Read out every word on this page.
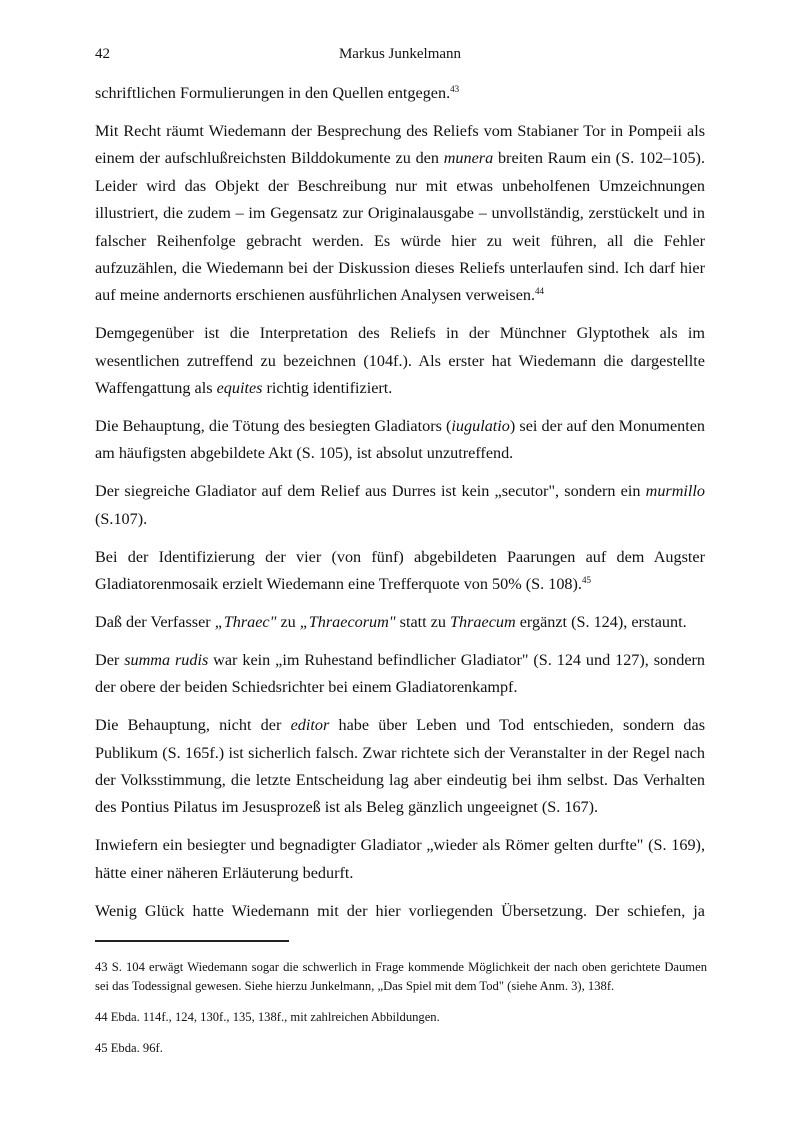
42	Markus Junkelmann

schriftlichen Formulierungen in den Quellen entgegen.$^{43}$

Mit Recht räumt Wiedemann der Besprechung des Reliefs vom Stabianer Tor in Pompeii als einem der aufschlußreichsten Bilddokumente zu den munera breiten Raum ein (S. 102–105). Leider wird das Objekt der Beschreibung nur mit etwas unbeholfenen Umzeichnungen illustriert, die zudem – im Gegensatz zur Originalausgabe – unvollständig, zerstückelt und in falscher Reihenfolge gebracht werden. Es würde hier zu weit führen, all die Fehler aufzuzählen, die Wiedemann bei der Diskussion dieses Reliefs unterlaufen sind. Ich darf hier auf meine andernorts erschienen ausführlichen Analysen verweisen.$^{44}$

Demgegenüber ist die Interpretation des Reliefs in der Münchner Glyptothek als im wesentlichen zutreffend zu bezeichnen (104f.). Als erster hat Wiedemann die dargestellte Waffengattung als equites richtig identifiziert.

Die Behauptung, die Tötung des besiegten Gladiators (iugulatio) sei der auf den Monumenten am häufigsten abgebildete Akt (S. 105), ist absolut unzutreffend.

Der siegreiche Gladiator auf dem Relief aus Durres ist kein „secutor", sondern ein murmillo (S.107).

Bei der Identifizierung der vier (von fünf) abgebildeten Paarungen auf dem Augster Gladiatorenmosaik erzielt Wiedemann eine Trefferquote von 50% (S. 108).$^{45}$

Daß der Verfasser „Thraec" zu „Thraecorum" statt zu Thraecum ergänzt (S. 124), erstaunt.

Der summa rudis war kein „im Ruhestand befindlicher Gladiator" (S. 124 und 127), sondern der obere der beiden Schiedsrichter bei einem Gladiatorenkampf.

Die Behauptung, nicht der editor habe über Leben und Tod entschieden, sondern das Publikum (S. 165f.) ist sicherlich falsch. Zwar richtete sich der Veranstalter in der Regel nach der Volksstimmung, die letzte Entscheidung lag aber eindeutig bei ihm selbst. Das Verhalten des Pontius Pilatus im Jesusprozeß ist als Beleg gänzlich ungeeignet (S. 167).

Inwiefern ein besiegter und begnadigter Gladiator „wieder als Römer gelten durfte" (S. 169), hätte einer näheren Erläuterung bedurft.

Wenig Glück hatte Wiedemann mit der hier vorliegenden Übersetzung. Der schiefen, ja

43 S. 104 erwägt Wiedemann sogar die schwerlich in Frage kommende Möglichkeit der nach oben gerichtete Daumen sei das Todessignal gewesen. Siehe hierzu Junkelmann, „Das Spiel mit dem Tod" (siehe Anm. 3), 138f.

44 Ebda. 114f., 124, 130f., 135, 138f., mit zahlreichen Abbildungen.

45 Ebda. 96f.
